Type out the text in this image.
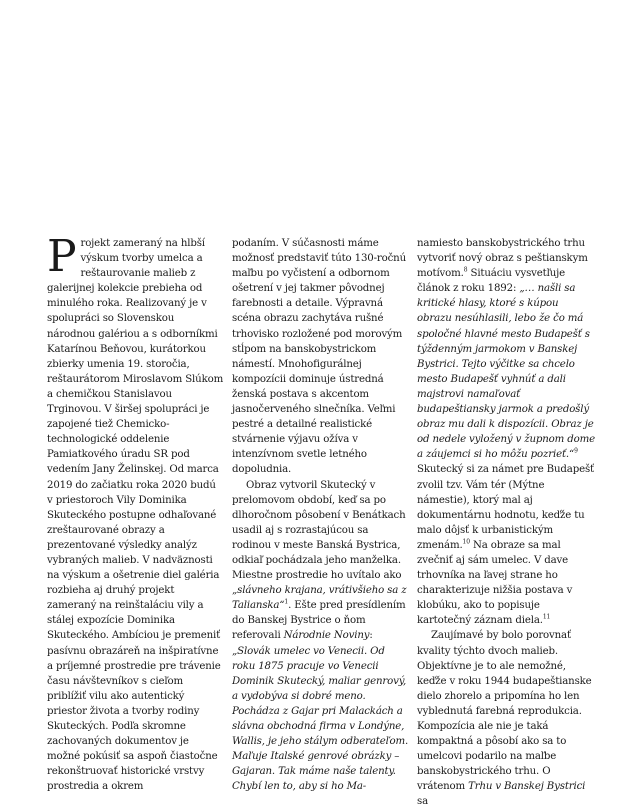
Projekt zameraný na hlbší výskum tvorby umelca a reštaurovanie malieb z galerijnej kolekcie prebieha od minulého roka. Realizovaný je v spolupráci so Slovenskou národnou galériou a s odborníkmi Katarínou Beňovou, kurátorkou zbierky umenia 19. storočia, reštaurátorom Miroslavom Slúkom a chemičkou Stanislavou Trginovou. V širšej spolupráci je zapojené tiež Chemicko-technologické oddelenie Pamiatkového úradu SR pod vedením Jany Želinskej. Od marca 2019 do začiatku roka 2020 budú v priestoroch Vily Dominika Skuteckého postupne odhaľované zreštaurované obrazy a prezentované výsledky analýz vybraných malieb. V nadväznosti na výskum a ošetrenie diel galéria rozbieha aj druhý projekt zameraný na reinštaláciu vily a stálej expozície Dominika Skuteckého. Ambíciou je premeniť pasívnu obrazáreň na inšpiratívne a príjemné prostredie pre trávenie času návštevníkov s cieľom priblížiť vilu ako autentický priestor života a tvorby rodiny Skuteckých. Podľa skromne zachovaných dokumentov je možné pokúsiť sa aspoň čiastočne rekonštruovať historické vrstvy prostredia a okrem

podaním. V súčasnosti máme možnosť predstaviť túto 130-ročnú maľbu po vyčistení a odbornom ošetrení v jej takmer pôvodnej farebnosti a detaile. Výpravná scéna obrazu zachytáva rušné trhovisko rozložené pod morovým stĺpom na banskobystrickom námestí. Mnohofigurálnej kompozícii dominuje ústredná ženská postava s akcentom jasnočerveného slnečníka. Veľmi pestré a detailné realistické stvárnenie výjavu ožíva v intenzívnom svetle letného dopoludnia.

Obraz vytvoril Skutecký v prelomovom období, keď sa po dlhoročnom pôsobení v Benátkach usadil aj s rozrastajúcou sa rodinou v meste Banská Bystrica, odkiaľ pochádzala jeho manželka. Miestne prostredie ho uvítalo ako „slávneho krajana, vrátivšieho sa z Talianska“$^1$. Ešte pred presídlením do Banskej Bystrice o ňom referovali Národnie Noviny: „Slovák umelec vo Venecii. Od roku 1875 pracuje vo Venecii Dominik Skutecký, maliar genrový, a vydobýva si dobré meno. Pochádza z Gajar pri Malackách a slávna obchodná firma v Londýne, Wallis, je jeho stálym odberateľom. Maľuje Italské genrové obrázky – Gajaran. Tak máme naše talenty. Chybí len to, aby si ho Ma-

namiesto banskobystrického trhu vytvoriť nový obraz s peštianskym motívom.$^8$ Situáciu vysvetľuje článok z roku 1892: „… našli sa kritické hlasy, ktoré s kúpou obrazu nesúhlasili, lebo že čo má spoločné hlavné mesto Budapešť s týždenným jarmokom v Banskej Bystrici. Tejto výčitke sa chcelo mesto Budapešť vyhnúť a dali majstrovi namaľovať budapeštiansky jarmok a predošlý obraz mu dali k dispozícii. Obraz je od nedele vyložený v župnom dome a záujemci si ho môžu pozrieť.“$^9$ Skutecký si za námet pre Budapešť zvolil tzv. Vám tér (Mýtne námestie), ktorý mal aj dokumentárnu hodnotu, keďže tu malo dôjsť k urbanistickým zmenám.$^{10}$ Na obraze sa mal zvečniť aj sám umelec. V dave trhovníka na ľavej strane ho charakterizuje nižšia postava v klobúku, ako to popisuje kartotečný záznam diela.$^{11}$

Zaujímavé by bolo porovnať kvality týchto dvoch malieb. Objektívne je to ale nemožné, keďže v roku 1944 budapeštianske dielo zhorelo a pripomína ho len vyblednutá farebná reprodukcia. Kompozícia ale nie je taká kompaktná a pôsobí ako sa to umelcovi podarilo na maľbe banskobystrického trhu. O vrátenom Trhu v Banskej Bystrici sa
